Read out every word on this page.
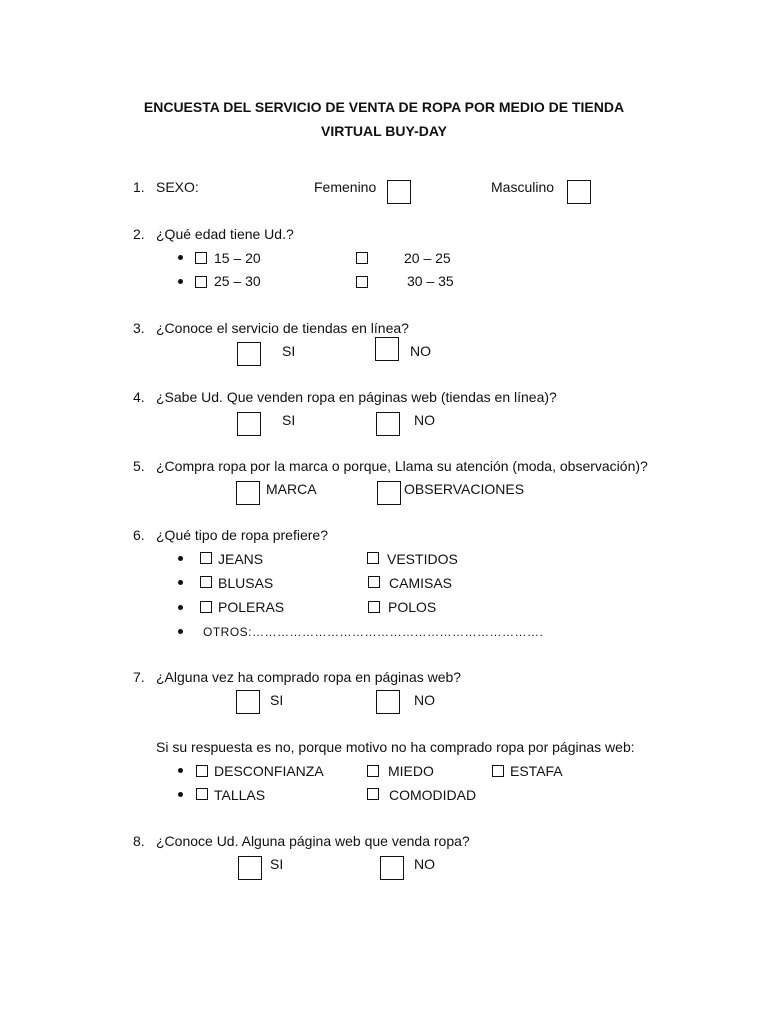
ENCUESTA DEL SERVICIO DE VENTA DE ROPA POR MEDIO DE TIENDA
VIRTUAL BUY-DAY
1. SEXO:	Femenino	Masculino
2. ¿Qué edad tiene Ud.?
15 – 20	20 – 25
25 – 30	30 – 35
3. ¿Conoce el servicio de tiendas en línea?
SI	NO
4. ¿Sabe Ud. Que venden ropa en páginas web (tiendas en línea)?
SI	NO
5. ¿Compra ropa por la marca o porque, Llama su atención (moda, observación)?
MARCA	OBSERVACIONES
6. ¿Qué tipo de ropa prefiere?
JEANS	VESTIDOS
BLUSAS	CAMISAS
POLERAS	POLOS
OTROS:…………………………………………………………….
7. ¿Alguna vez ha comprado ropa en páginas web?
SI	NO
Si su respuesta es no, porque motivo no ha comprado ropa por páginas web:
DESCONFIANZA	MIEDO	ESTAFA
TALLAS	COMODIDAD
8. ¿Conoce Ud. Alguna página web que venda ropa?
SI	NO
